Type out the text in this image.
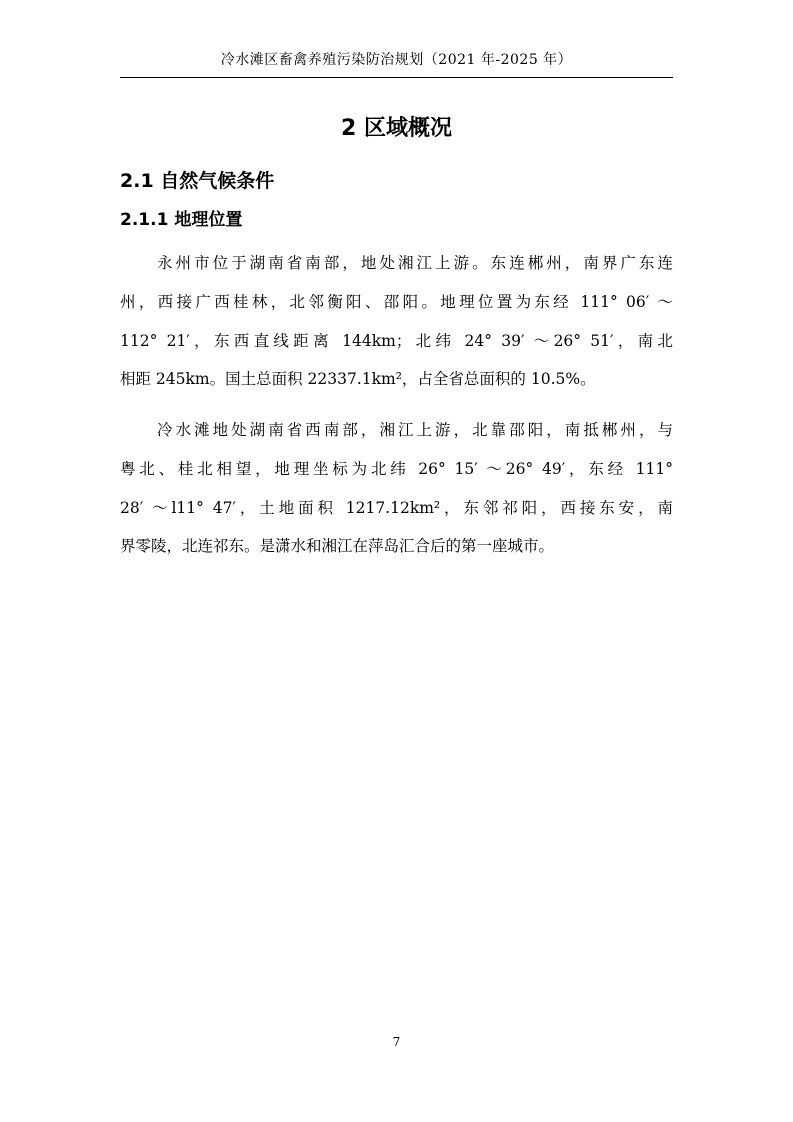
冷水滩区畜禽养殖污染防治规划（2021 年-2025 年）
2 区域概况
2.1 自然气候条件
2.1.1 地理位置
永州市位于湖南省南部，地处湘江上游。东连郴州，南界广东连
州，西接广西桂林，北邻衡阳、邵阳。地理位置为东经 111° 06′ ～
112° 21′，东西直线距离 144km；北纬 24° 39′ ～26° 51′，南北
相距 245km。国土总面积 22337.1km²，占全省总面积的 10.5%。
冷水滩地处湖南省西南部，湘江上游，北靠邵阳，南抵郴州，与
粤北、桂北相望，地理坐标为北纬 26° 15′ ～26° 49′，东经 111°
28′ ～l11° 47′，土地面积 1217.12km²，东邻祁阳，西接东安，南
界零陵，北连祁东。是潇水和湘江在萍岛汇合后的第一座城市。
7
